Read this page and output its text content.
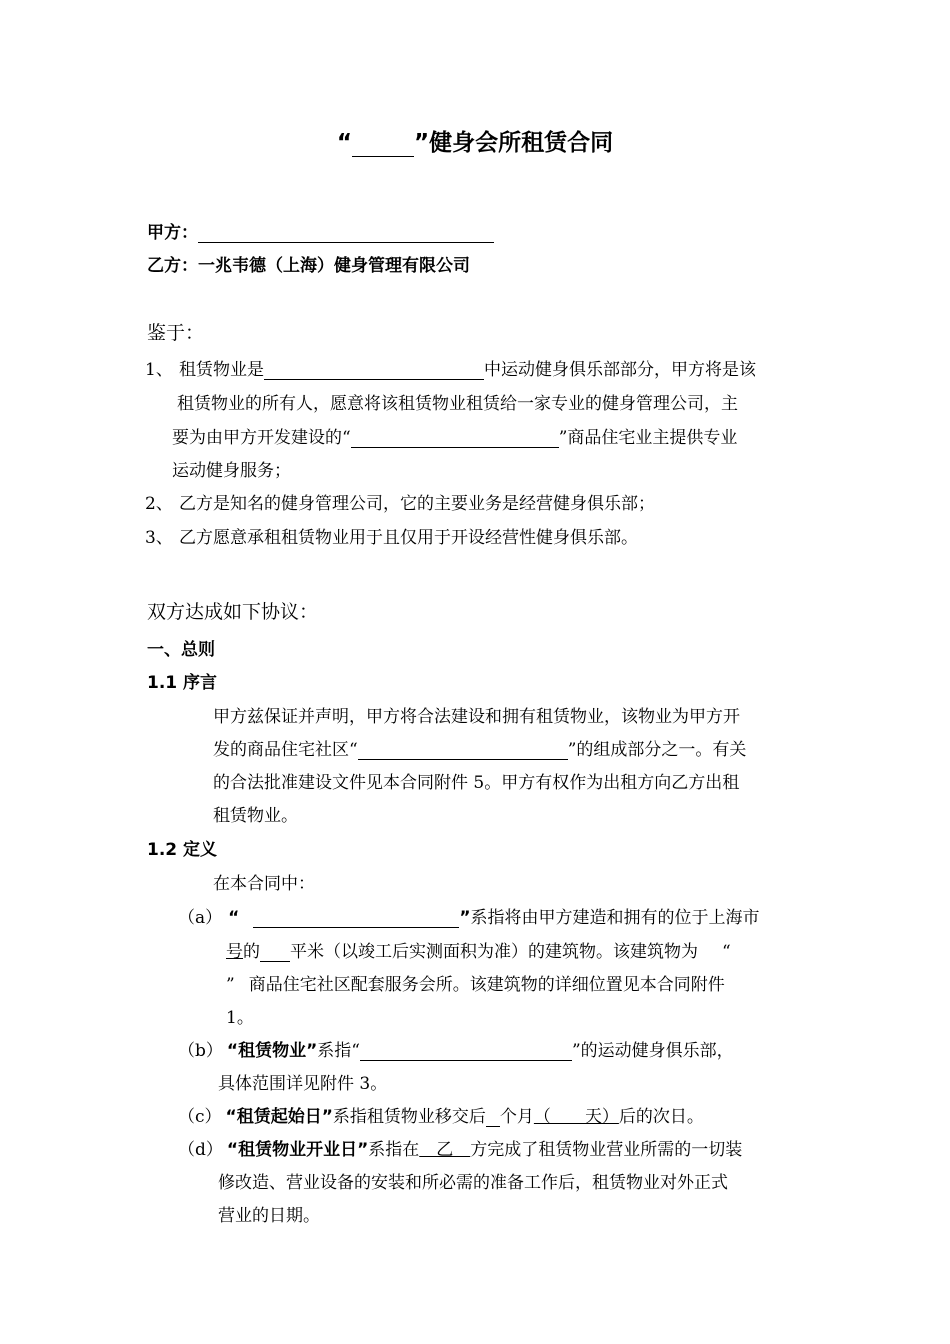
“	”健身会所租赁合同
甲方：
乙方：一兆韦德（上海）健身管理有限公司
鉴于：
1、 租赁物业是	中运动健身俱乐部部分，甲方将是该
租赁物业的所有人，愿意将该租赁物业租赁给一家专业的健身管理公司，主
要为由甲方开发建设的“	”商品住宅业主提供专业
运动健身服务；
2、 乙方是知名的健身管理公司，它的主要业务是经营健身俱乐部；
3、 乙方愿意承租租赁物业用于且仅用于开设经营性健身俱乐部。
双方达成如下协议：
一、总则
1.1 序言
甲方兹保证并声明，甲方将合法建设和拥有租赁物业，该物业为甲方开
发的商品住宅社区“	”的组成部分之一。有关
的合法批准建设文件见本合同附件 5。甲方有权作为出租方向乙方出租
租赁物业。
1.2 定义
在本合同中：
（a） “	”系指将由甲方建造和拥有的位于上海市
号的 平米（以竣工后实测面积为准）的建筑物。该建筑物为 “
” 商品住宅社区配套服务会所。该建筑物的详细位置见本合同附件
1。
（b） “租赁物业”系指“	”的运动健身俱乐部，
具体范围详见附件 3。
（c） “租赁起始日”系指租赁物业移交后 个月（　　天）后的次日。
（d） “租赁物业开业日”系指在　乙　方完成了租赁物业营业所需的一切装
修改造、营业设备的安装和所必需的准备工作后，租赁物业对外正式
营业的日期。
